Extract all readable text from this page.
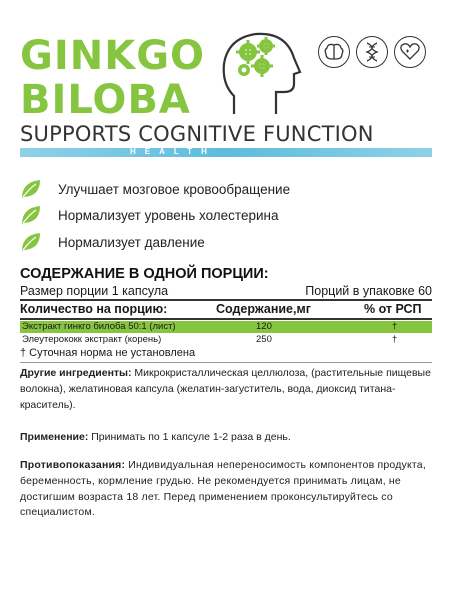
GINKGO
BILOBA
SUPPORTS COGNITIVE FUNCTION
HEALTH
Улучшает мозговое кровообращение
Нормализует уровень холестерина
Нормализует давление
СОДЕРЖАНИЕ В ОДНОЙ ПОРЦИИ:
Размер порции 1 капсула	Порций в упаковке 60
Количество на порцию:	Содержание,мг	% от РСП
Экстракт гинкго билоба 50:1 (лист)	120	†
Элеутерококк экстракт (корень)	250	†
† Суточная норма не установлена

Другие ингредиенты: Микрокристаллическая целлюлоза, (растительные пищевые волокна), желатиновая капсула (желатин-загуститель, вода, диоксид титана-краситель).

Применение: Принимать по 1 капсуле 1-2 раза в день.

Противопоказания: Индивидуальная непереносимость компонентов продукта, беременность, кормление грудью. Не рекомендуется принимать лицам, не достигшим возраста 18 лет. Перед применением проконсультируйтесь со специалистом.
